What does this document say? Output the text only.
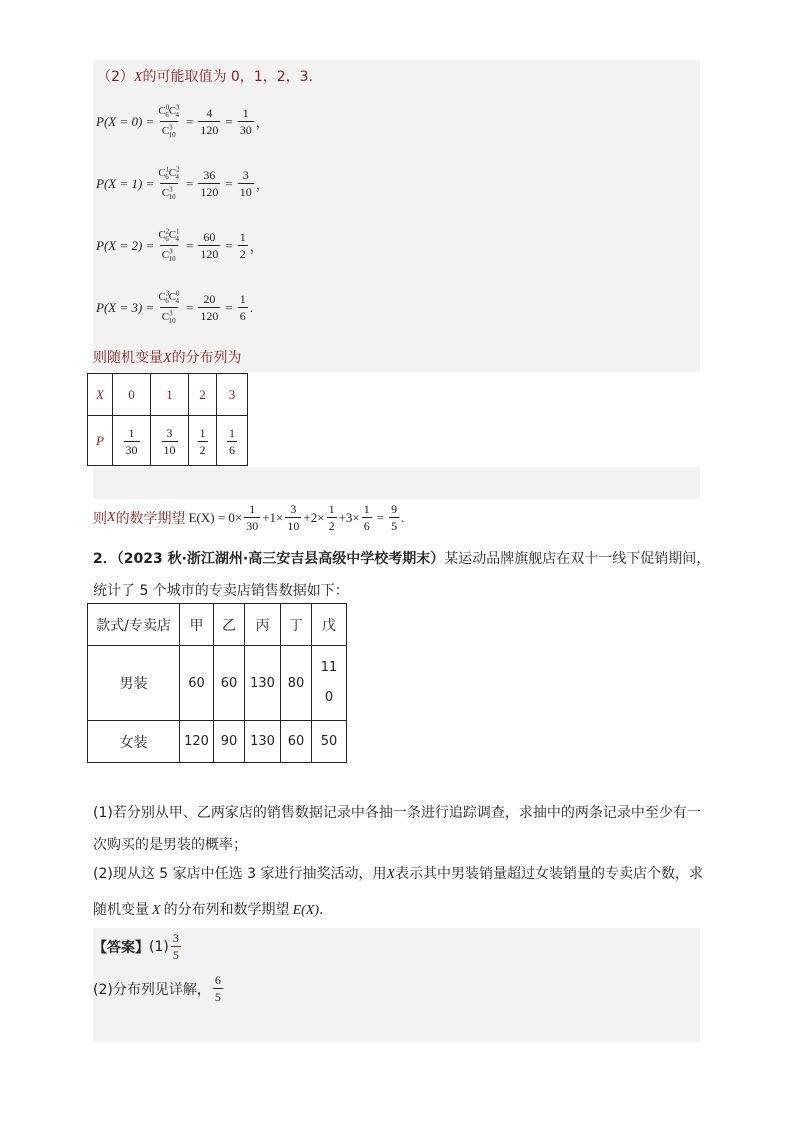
（2）X的可能取值为 0，1，2，3.
$P(X = 0) = \frac{C^0_6C^3_4}{C^3_{10}} = \frac{4}{120} = \frac{1}{30}$ ，
$P(X = 1) = \frac{C^1_6C^2_4}{C^3_{10}} = \frac{36}{120} = \frac{3}{10}$ ，
$P(X = 2) = \frac{C^2_6C^1_4}{C^3_{10}} = \frac{60}{120} = \frac{1}{2}$ ，
$P(X = 3) = \frac{C^3_6C^0_4}{C^3_{10}} = \frac{20}{120} = \frac{1}{6}$ .
则随机变量X的分布列为
X	0	1	2	3
P	$\frac{1}{30}$	$\frac{3}{10}$	$\frac{1}{2}$	$\frac{1}{6}$
则 X 的数学期望 $E(X) = 0\times \frac{1}{30} +1\times \frac{3}{10} +2\times \frac{1}{2} +3\times \frac{1}{6} = \frac{9}{5}$ .
2．（2023 秋·浙江湖州·高三安吉县高级中学校考期末）某运动品牌旗舰店在双十一线下促销期间，
统计了 5 个城市的专卖店销售数据如下：
款式/专卖店	甲	乙	丙	丁	戊
男装	60	60	130	80	11
0

女装	120	90	130	60	50
(1)若分别从甲、乙两家店的销售数据记录中各抽一条进行追踪调查，求抽中的两条记录中至少有一
次购买的是男装的概率；
(2)现从这 5 家店中任选 3 家进行抽奖活动，用X表示其中男装销量超过女装销量的专卖店个数，求
随机变量 X 的分布列和数学期望 E(X).
【答案】 $(1) \frac{3}{5}$
(2)分布列见详解， $\frac{6}{5}$
